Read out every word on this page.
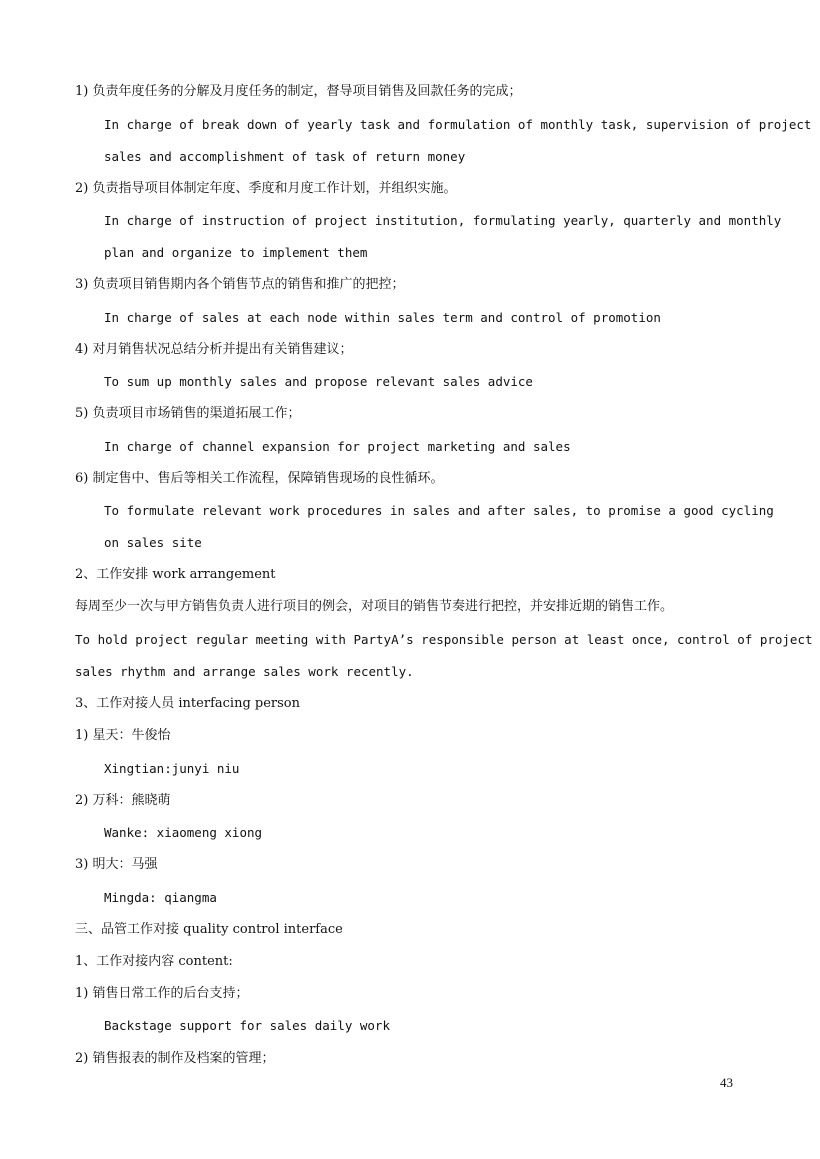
1) 负责年度任务的分解及月度任务的制定，督导项目销售及回款任务的完成；
In charge of break down of yearly task and formulation of monthly task, supervision of project
sales and accomplishment of task of return money
2) 负责指导项目体制定年度、季度和月度工作计划，并组织实施。
In charge of instruction of project institution, formulating yearly, quarterly and monthly
plan and organize to implement them
3) 负责项目销售期内各个销售节点的销售和推广的把控；
In charge of sales at each node within sales term and control of promotion
4) 对月销售状况总结分析并提出有关销售建议；
To sum up monthly sales and propose relevant sales advice
5) 负责项目市场销售的渠道拓展工作；
In charge of channel expansion for project marketing and sales
6) 制定售中、售后等相关工作流程，保障销售现场的良性循环。
To formulate relevant work procedures in sales and after sales, to promise a good cycling
on sales site
2、工作安排 work arrangement
每周至少一次与甲方销售负责人进行项目的例会，对项目的销售节奏进行把控，并安排近期的销售工作。
To hold project regular meeting with PartyA’s responsible person at least once, control of project
sales rhythm and arrange sales work recently.
3、工作对接人员 interfacing person
1) 星天：牛俊怡
Xingtian:junyi niu
2) 万科：熊晓萌
Wanke: xiaomeng xiong
3) 明大：马强
Mingda: qiangma
三、品管工作对接 quality control interface
1、工作对接内容 content:
1) 销售日常工作的后台支持；
Backstage support for sales daily work
2) 销售报表的制作及档案的管理；
43
